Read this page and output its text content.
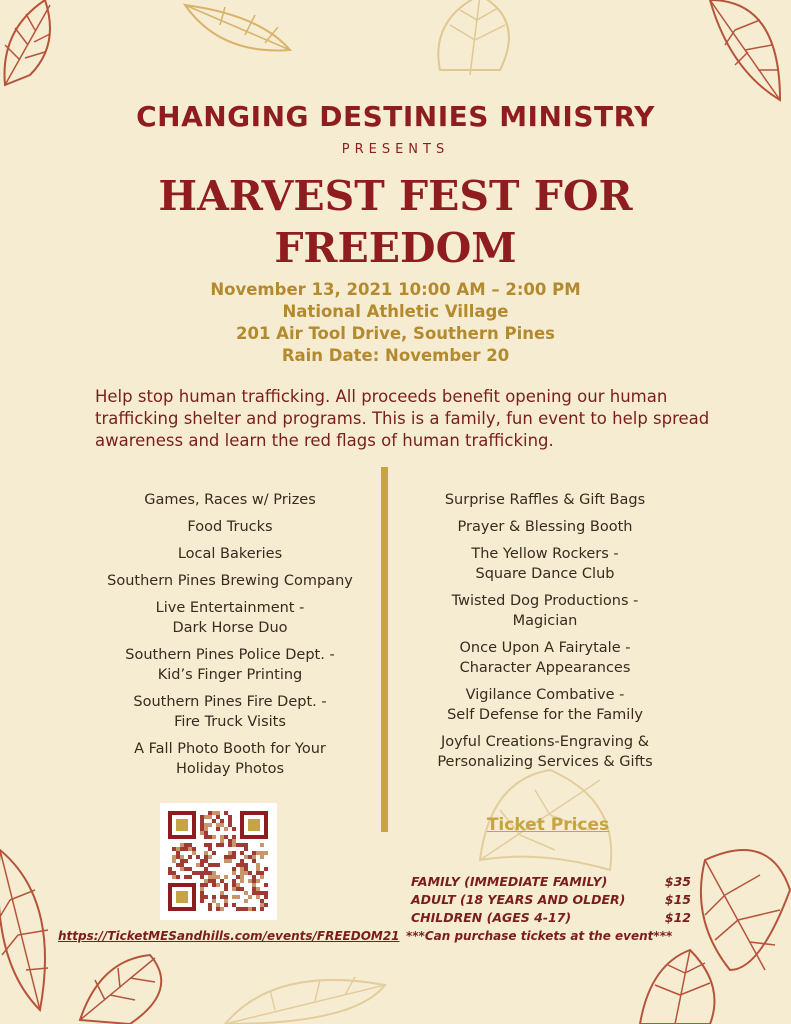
CHANGING DESTINIES MINISTRY
PRESENTS
HARVEST FEST FOR
FREEDOM
November 13, 2021 10:00 AM – 2:00 PM
National Athletic Village
201 Air Tool Drive, Southern Pines
Rain Date: November 20
Help stop human trafficking. All proceeds benefit opening our human trafficking shelter and programs. This is a family, fun event to help spread awareness and learn the red flags of human trafficking.
Games, Races w/ Prizes
Food Trucks
Local Bakeries
Southern Pines Brewing Company
Live Entertainment -
Dark Horse Duo
Southern Pines Police Dept. -
Kid’s Finger Printing
Southern Pines Fire Dept. -
Fire Truck Visits
A Fall Photo Booth for Your
Holiday Photos
Surprise Raffles & Gift Bags
Prayer & Blessing Booth
The Yellow Rockers -
Square Dance Club
Twisted Dog Productions -
Magician
Once Upon A Fairytale -
Character Appearances
Vigilance Combative -
Self Defense for the Family
Joyful Creations-Engraving &
Personalizing Services & Gifts
Ticket Prices
FAMILY (IMMEDIATE FAMILY)	$35
ADULT (18 YEARS AND OLDER)	$15
CHILDREN (AGES 4-17)	$12
https://TicketMESandhills.com/events/FREEDOM21 ***Can purchase tickets at the event***
